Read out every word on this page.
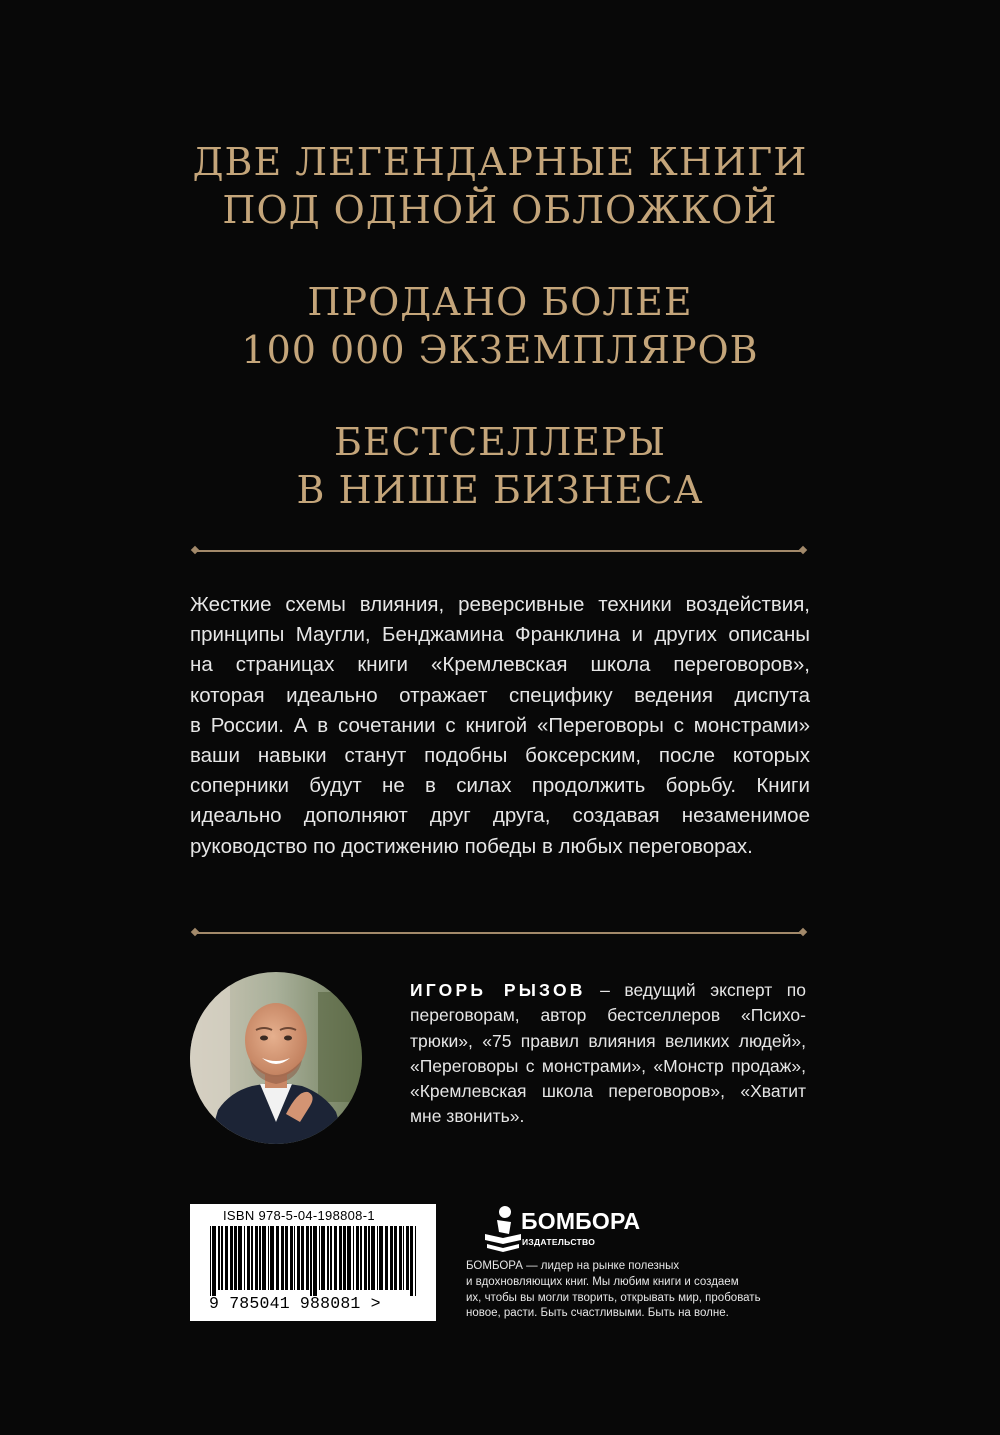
ДВЕ ЛЕГЕНДАРНЫЕ КНИГИ
ПОД ОДНОЙ ОБЛОЖКОЙ
ПРОДАНО БОЛЕЕ
100 000 ЭКЗЕМПЛЯРОВ
БЕСТСЕЛЛЕРЫ
В НИШЕ БИЗНЕСА
Жесткие схемы влияния, реверсивные техники воздействия,
принципы Маугли, Бенджамина Франклина и других описаны
на страницах книги «Кремлевская школа переговоров»,
которая идеально отражает специфику ведения диспута
в России. А в сочетании с книгой «Переговоры с монстрами»
ваши навыки станут подобны боксерским, после которых
соперники будут не в силах продолжить борьбу. Книги
идеально дополняют друг друга, создавая незаменимое
руководство по достижению победы в любых переговорах.
ИГОРЬ РЫЗОВ – ведущий эксперт по
переговорам, автор бестселлеров «Психо-
трюки», «75 правил влияния великих людей»,
«Переговоры с монстрами», «Монстр продаж»,
«Кремлевская школа переговоров», «Хватит
мне звонить».
ISBN 978-5-04-198808-1
9 785041 988081 >
БОМБОРА
ИЗДАТЕЛЬСТВО
БОМБОРА — лидер на рынке полезных
и вдохновляющих книг. Мы любим книги и создаем
их, чтобы вы могли творить, открывать мир, пробовать
новое, расти. Быть счастливыми. Быть на волне.
